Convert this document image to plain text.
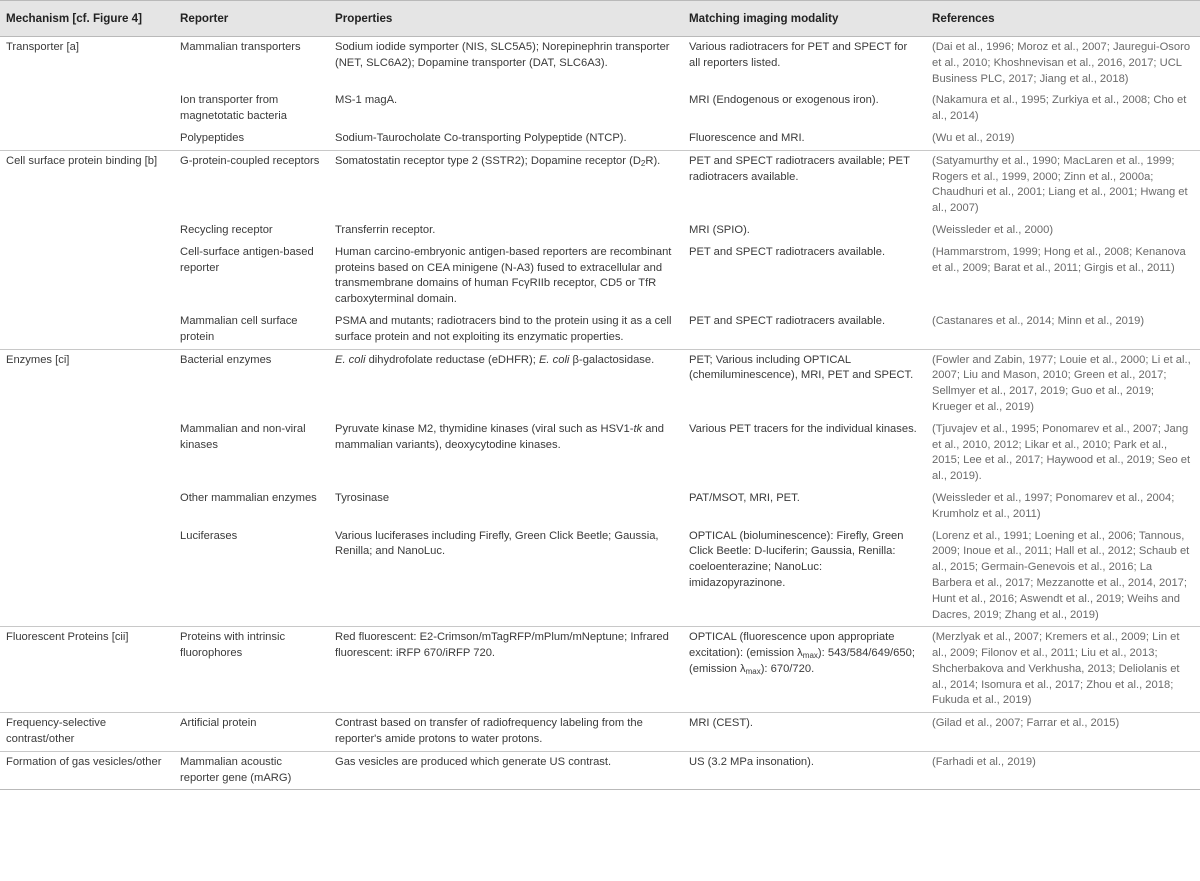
Mechanism [cf. Figure 4]	Reporter	Properties	Matching imaging modality	References
Transporter [a]	Mammalian transporters	Sodium iodide symporter (NIS, SLC5A5); Norepinephrin transporter (NET, SLC6A2); Dopamine transporter (DAT, SLC6A3).	Various radiotracers for PET and SPECT for all reporters listed.	(Dai et al., 1996; Moroz et al., 2007; Jauregui-Osoro et al., 2010; Khoshnevisan et al., 2016, 2017; UCL Business PLC, 2017; Jiang et al., 2018)
	Ion transporter from magnetotatic bacteria	MS-1 magA.	MRI (Endogenous or exogenous iron).	(Nakamura et al., 1995; Zurkiya et al., 2008; Cho et al., 2014)
	Polypeptides	Sodium-Taurocholate Co-transporting Polypeptide (NTCP).	Fluorescence and MRI.	(Wu et al., 2019)
Cell surface protein binding [b]	G-protein-coupled receptors	Somatostatin receptor type 2 (SSTR2); Dopamine receptor $(D_2R)$.	PET and SPECT radiotracers available; PET radiotracers available.	(Satyamurthy et al., 1990; MacLaren et al., 1999; Rogers et al., 1999, 2000; Zinn et al., 2000a; Chaudhuri et al., 2001; Liang et al., 2001; Hwang et al., 2007)
	Recycling receptor	Transferrin receptor.	MRI (SPIO).	(Weissleder et al., 2000)
	Cell-surface antigen-based reporter	Human carcino-embryonic antigen-based reporters are recombinant proteins based on CEA minigene (N-A3) fused to extracellular and transmembrane domains of human FcγRIIb receptor, CD5 or TfR carboxyterminal domain.	PET and SPECT radiotracers available.	(Hammarstrom, 1999; Hong et al., 2008; Kenanova et al., 2009; Barat et al., 2011; Girgis et al., 2011)
	Mammalian cell surface protein	PSMA and mutants; radiotracers bind to the protein using it as a cell surface protein and not exploiting its enzymatic properties.	PET and SPECT radiotracers available.	(Castanares et al., 2014; Minn et al., 2019)
Enzymes [ci]	Bacterial enzymes	E. coli dihydrofolate reductase (eDHFR); E. coli β-galactosidase.	PET; Various including OPTICAL (chemiluminescence), MRI, PET and SPECT.	(Fowler and Zabin, 1977; Louie et al., 2000; Li et al., 2007; Liu and Mason, 2010; Green et al., 2017; Sellmyer et al., 2017, 2019; Guo et al., 2019; Krueger et al., 2019)
	Mammalian and non-viral kinases	Pyruvate kinase M2, thymidine kinases (viral such as HSV1-tk and mammalian variants), deoxycytodine kinases.	Various PET tracers for the individual kinases.	(Tjuvajev et al., 1995; Ponomarev et al., 2007; Jang et al., 2010, 2012; Likar et al., 2010; Park et al., 2015; Lee et al., 2017; Haywood et al., 2019; Seo et al., 2019).
	Other mammalian enzymes	Tyrosinase	PAT/MSOT, MRI, PET.	(Weissleder et al., 1997; Ponomarev et al., 2004; Krumholz et al., 2011)
	Luciferases	Various luciferases including Firefly, Green Click Beetle; Gaussia, Renilla; and NanoLuc.	OPTICAL (bioluminescence): Firefly, Green Click Beetle: D-luciferin; Gaussia, Renilla: coeloenterazine; NanoLuc: imidazopyrazinone.	(Lorenz et al., 1991; Loening et al., 2006; Tannous, 2009; Inoue et al., 2011; Hall et al., 2012; Schaub et al., 2015; Germain-Genevois et al., 2016; La Barbera et al., 2017; Mezzanotte et al., 2014, 2017; Hunt et al., 2016; Aswendt et al., 2019; Weihs and Dacres, 2019; Zhang et al., 2019)
Fluorescent Proteins [cii]	Proteins with intrinsic fluorophores	Red fluorescent: E2-Crimson/mTagRFP/mPlum/mNeptune; Infrared fluorescent: iRFP 670/iRFP 720.	OPTICAL (fluorescence upon appropriate excitation): (emission $\lambda_{max}$): 543/584/649/650; (emission $\lambda_{max}$): 670/720.	(Merzlyak et al., 2007; Kremers et al., 2009; Lin et al., 2009; Filonov et al., 2011; Liu et al., 2013; Shcherbakova and Verkhusha, 2013; Deliolanis et al., 2014; Isomura et al., 2017; Zhou et al., 2018; Fukuda et al., 2019)
Frequency-selective contrast/other	Artificial protein	Contrast based on transfer of radiofrequency labeling from the reporter's amide protons to water protons.	MRI (CEST).	(Gilad et al., 2007; Farrar et al., 2015)
Formation of gas vesicles/other	Mammalian acoustic reporter gene (mARG)	Gas vesicles are produced which generate US contrast.	US (3.2 MPa insonation).	(Farhadi et al., 2019)
